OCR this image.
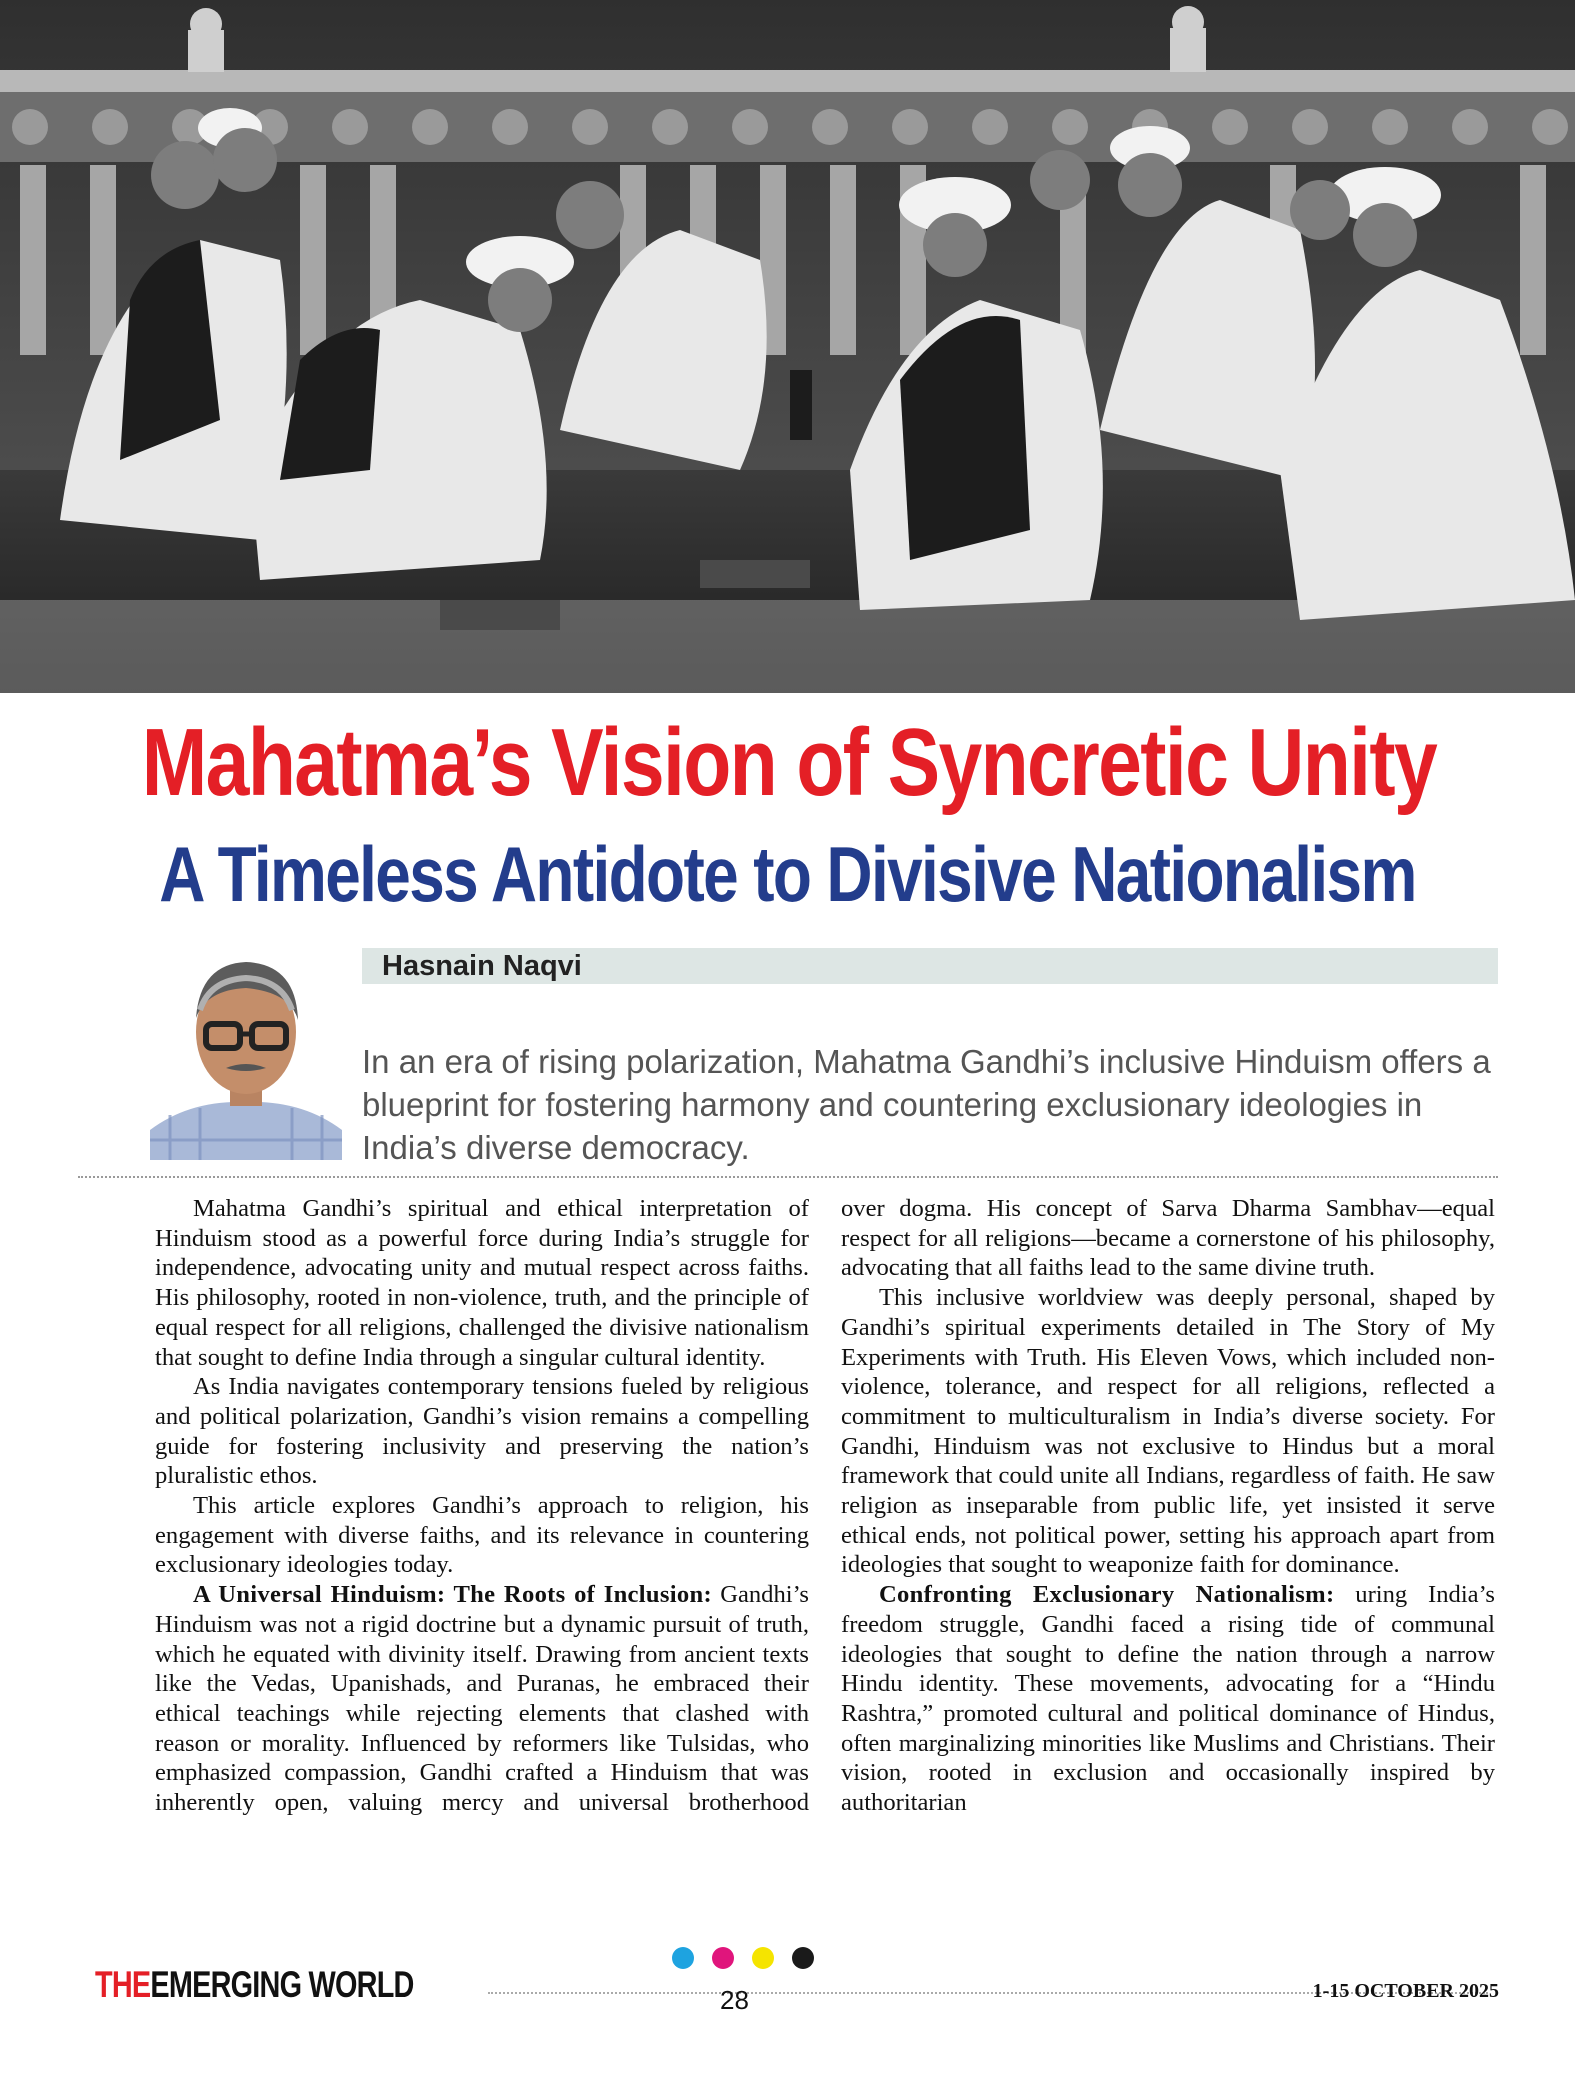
Mahatma’s Vision of Syncretic Unity
A Timeless Antidote to Divisive Nationalism
Hasnain Naqvi

In an era of rising polarization, Mahatma Gandhi’s inclusive Hinduism offers a blueprint for fostering harmony and countering exclusionary ideologies in India’s diverse democracy.

Mahatma Gandhi’s spiritual and ethical interpretation of Hinduism stood as a powerful force during India’s struggle for independence, advocating unity and mutual respect across faiths. His philosophy, rooted in non-violence, truth, and the principle of equal respect for all religions, challenged the divisive nationalism that sought to define India through a singular cultural identity.

As India navigates contemporary tensions fueled by religious and political polarization, Gandhi’s vision remains a compelling guide for fostering inclusivity and preserving the nation’s pluralistic ethos.

This article explores Gandhi’s approach to religion, his engagement with diverse faiths, and its relevance in countering exclusionary ideologies today.

A Universal Hinduism: The Roots of Inclusion: Gandhi’s Hinduism was not a rigid doctrine but a dynamic pursuit of truth, which he equated with divinity itself. Drawing from ancient texts like the Vedas, Upanishads, and Puranas, he embraced their ethical teachings while rejecting elements that clashed with reason or morality. Influenced by reformers like Tulsidas, who emphasized compassion, Gandhi crafted a Hinduism that was inherently open, valuing mercy and universal brotherhood

over dogma. His concept of Sarva Dharma Sambhav—equal respect for all religions—became a cornerstone of his philosophy, advocating that all faiths lead to the same divine truth.

This inclusive worldview was deeply personal, shaped by Gandhi’s spiritual experiments detailed in The Story of My Experiments with Truth. His Eleven Vows, which included non-violence, tolerance, and respect for all religions, reflected a commitment to multiculturalism in India’s diverse society. For Gandhi, Hinduism was not exclusive to Hindus but a moral framework that could unite all Indians, regardless of faith. He saw religion as inseparable from public life, yet insisted it serve ethical ends, not political power, setting his approach apart from ideologies that sought to weaponize faith for dominance.

Confronting Exclusionary Nationalism: uring India’s freedom struggle, Gandhi faced a rising tide of communal ideologies that sought to define the nation through a narrow Hindu identity. These movements, advocating for a “Hindu Rashtra,” promoted cultural and political dominance of Hindus, often marginalizing minorities like Muslims and Christians. Their vision, rooted in exclusion and occasionally inspired by authoritarian

THEEMERGING WORLD	28	1-15 OCTOBER 2025
